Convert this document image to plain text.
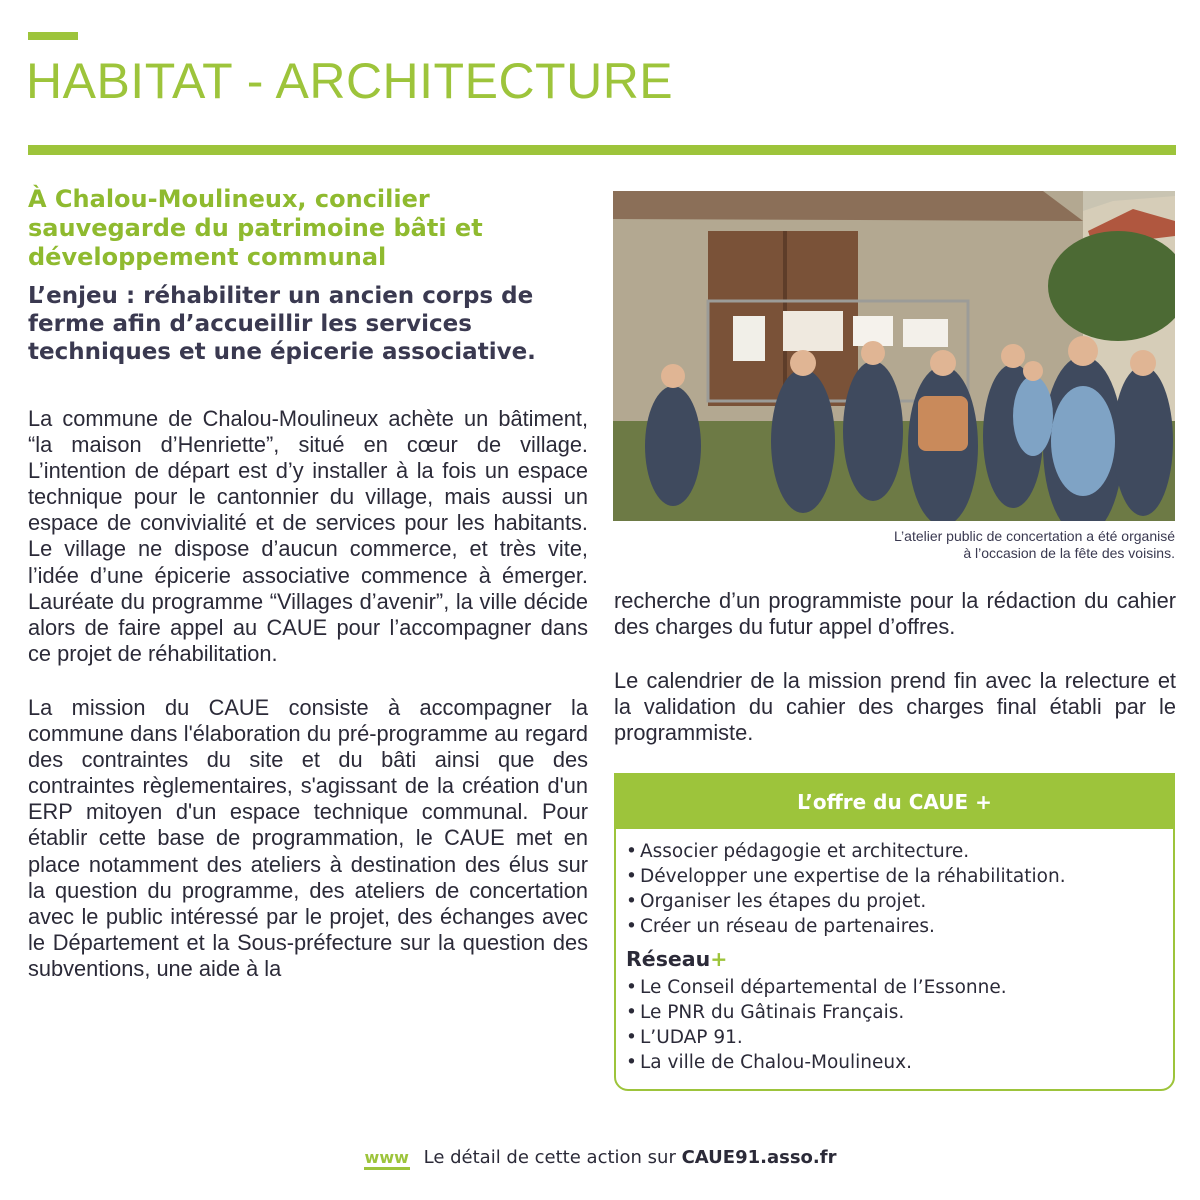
HABITAT - ARCHITECTURE
À Chalou-Moulineux, concilier sauvegarde du patrimoine bâti et développement communal

L’enjeu : réhabiliter un ancien corps de ferme afin d’accueillir les services techniques et une épicerie associative.

La commune de Chalou-Moulineux achète un bâtiment, “la maison d’Henriette”, situé en cœur de village. L’intention de départ est d’y installer à la fois un espace technique pour le cantonnier du village, mais aussi un espace de convivialité et de services pour les habitants. Le village ne dispose d’aucun commerce, et très vite, l’idée d’une épicerie associative commence à émerger. Lauréate du programme “Villages d’avenir”, la ville décide alors de faire appel au CAUE pour l’accompagner dans ce projet de réhabilitation.

La mission du CAUE consiste à accompagner la commune dans l'élaboration du pré-programme au regard des contraintes du site et du bâti ainsi que des contraintes règlementaires, s'agissant de la création d'un ERP mitoyen d'un espace technique communal. Pour établir cette base de programmation, le CAUE met en place notamment des ateliers à destination des élus sur la question du programme, des ateliers de concertation avec le public intéressé par le projet, des échanges avec le Département et la Sous-préfecture sur la question des subventions, une aide à la

L’atelier public de concertation a été organisé
à l’occasion de la fête des voisins.

recherche d’un programmiste pour la rédaction du cahier des charges du futur appel d’offres.

Le calendrier de la mission prend fin avec la relecture et la validation du cahier des charges final établi par le programmiste.

L’offre du CAUE +
• Associer pédagogie et architecture.
• Développer une expertise de la réhabilitation.
• Organiser les étapes du projet.
• Créer un réseau de partenaires.
Réseau+
• Le Conseil départemental de l’Essonne.
• Le PNR du Gâtinais Français.
• L’UDAP 91.
• La ville de Chalou-Moulineux.
www Le détail de cette action sur CAUE91.asso.fr
